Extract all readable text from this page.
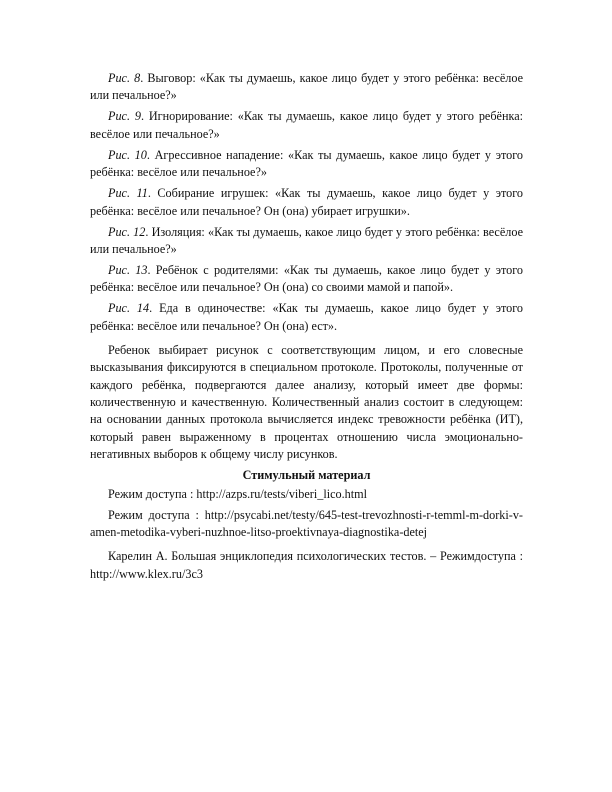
Рис. 8. Выговор: «Как ты думаешь, какое лицо будет у этого ребёнка: весёлое или печальное?»

Рис. 9. Игнорирование: «Как ты думаешь, какое лицо будет у этого ребёнка: весёлое или печальное?»

Рис. 10. Агрессивное нападение: «Как ты думаешь, какое лицо будет у этого ребёнка: весёлое или печальное?»

Рис. 11. Собирание игрушек: «Как ты думаешь, какое лицо будет у этого ребёнка: весёлое или печальное? Он (она) убирает игрушки».

Рис. 12. Изоляция: «Как ты думаешь, какое лицо будет у этого ребёнка: весёлое или печальное?»

Рис. 13. Ребёнок с родителями: «Как ты думаешь, какое лицо будет у этого ребёнка: весёлое или печальное? Он (она) со своими мамой и папой».

Рис. 14. Еда в одиночестве: «Как ты думаешь, какое лицо будет у этого ребёнка: весёлое или печальное? Он (она) ест».

Ребенок выбирает рисунок с соответствующим лицом, и его словесные высказывания фиксируются в специальном протоколе. Протоколы, полученные от каждого ребёнка, подвергаются далее анализу, который имеет две формы: количественную и качественную. Количественный анализ состоит в следующем: на основании данных протокола вычисляется индекс тревожности ребёнка (ИТ), который равен выраженному в процентах отношению числа эмоционально-негативных выборов к общему числу рисунков.

Стимульный материал

Режим доступа : http://azps.ru/tests/viberi_lico.html

Режим доступа : http://psycabi.net/testy/645-test-trevozhnosti-r-temml-m-dorki-v-amen-metodika-vyberi-nuzhnoe-litso-proektivnaya-diagnostika-detej

Карелин А. Большая энциклопедия психологических тестов. – Режимдоступа : http://www.klex.ru/3c3
